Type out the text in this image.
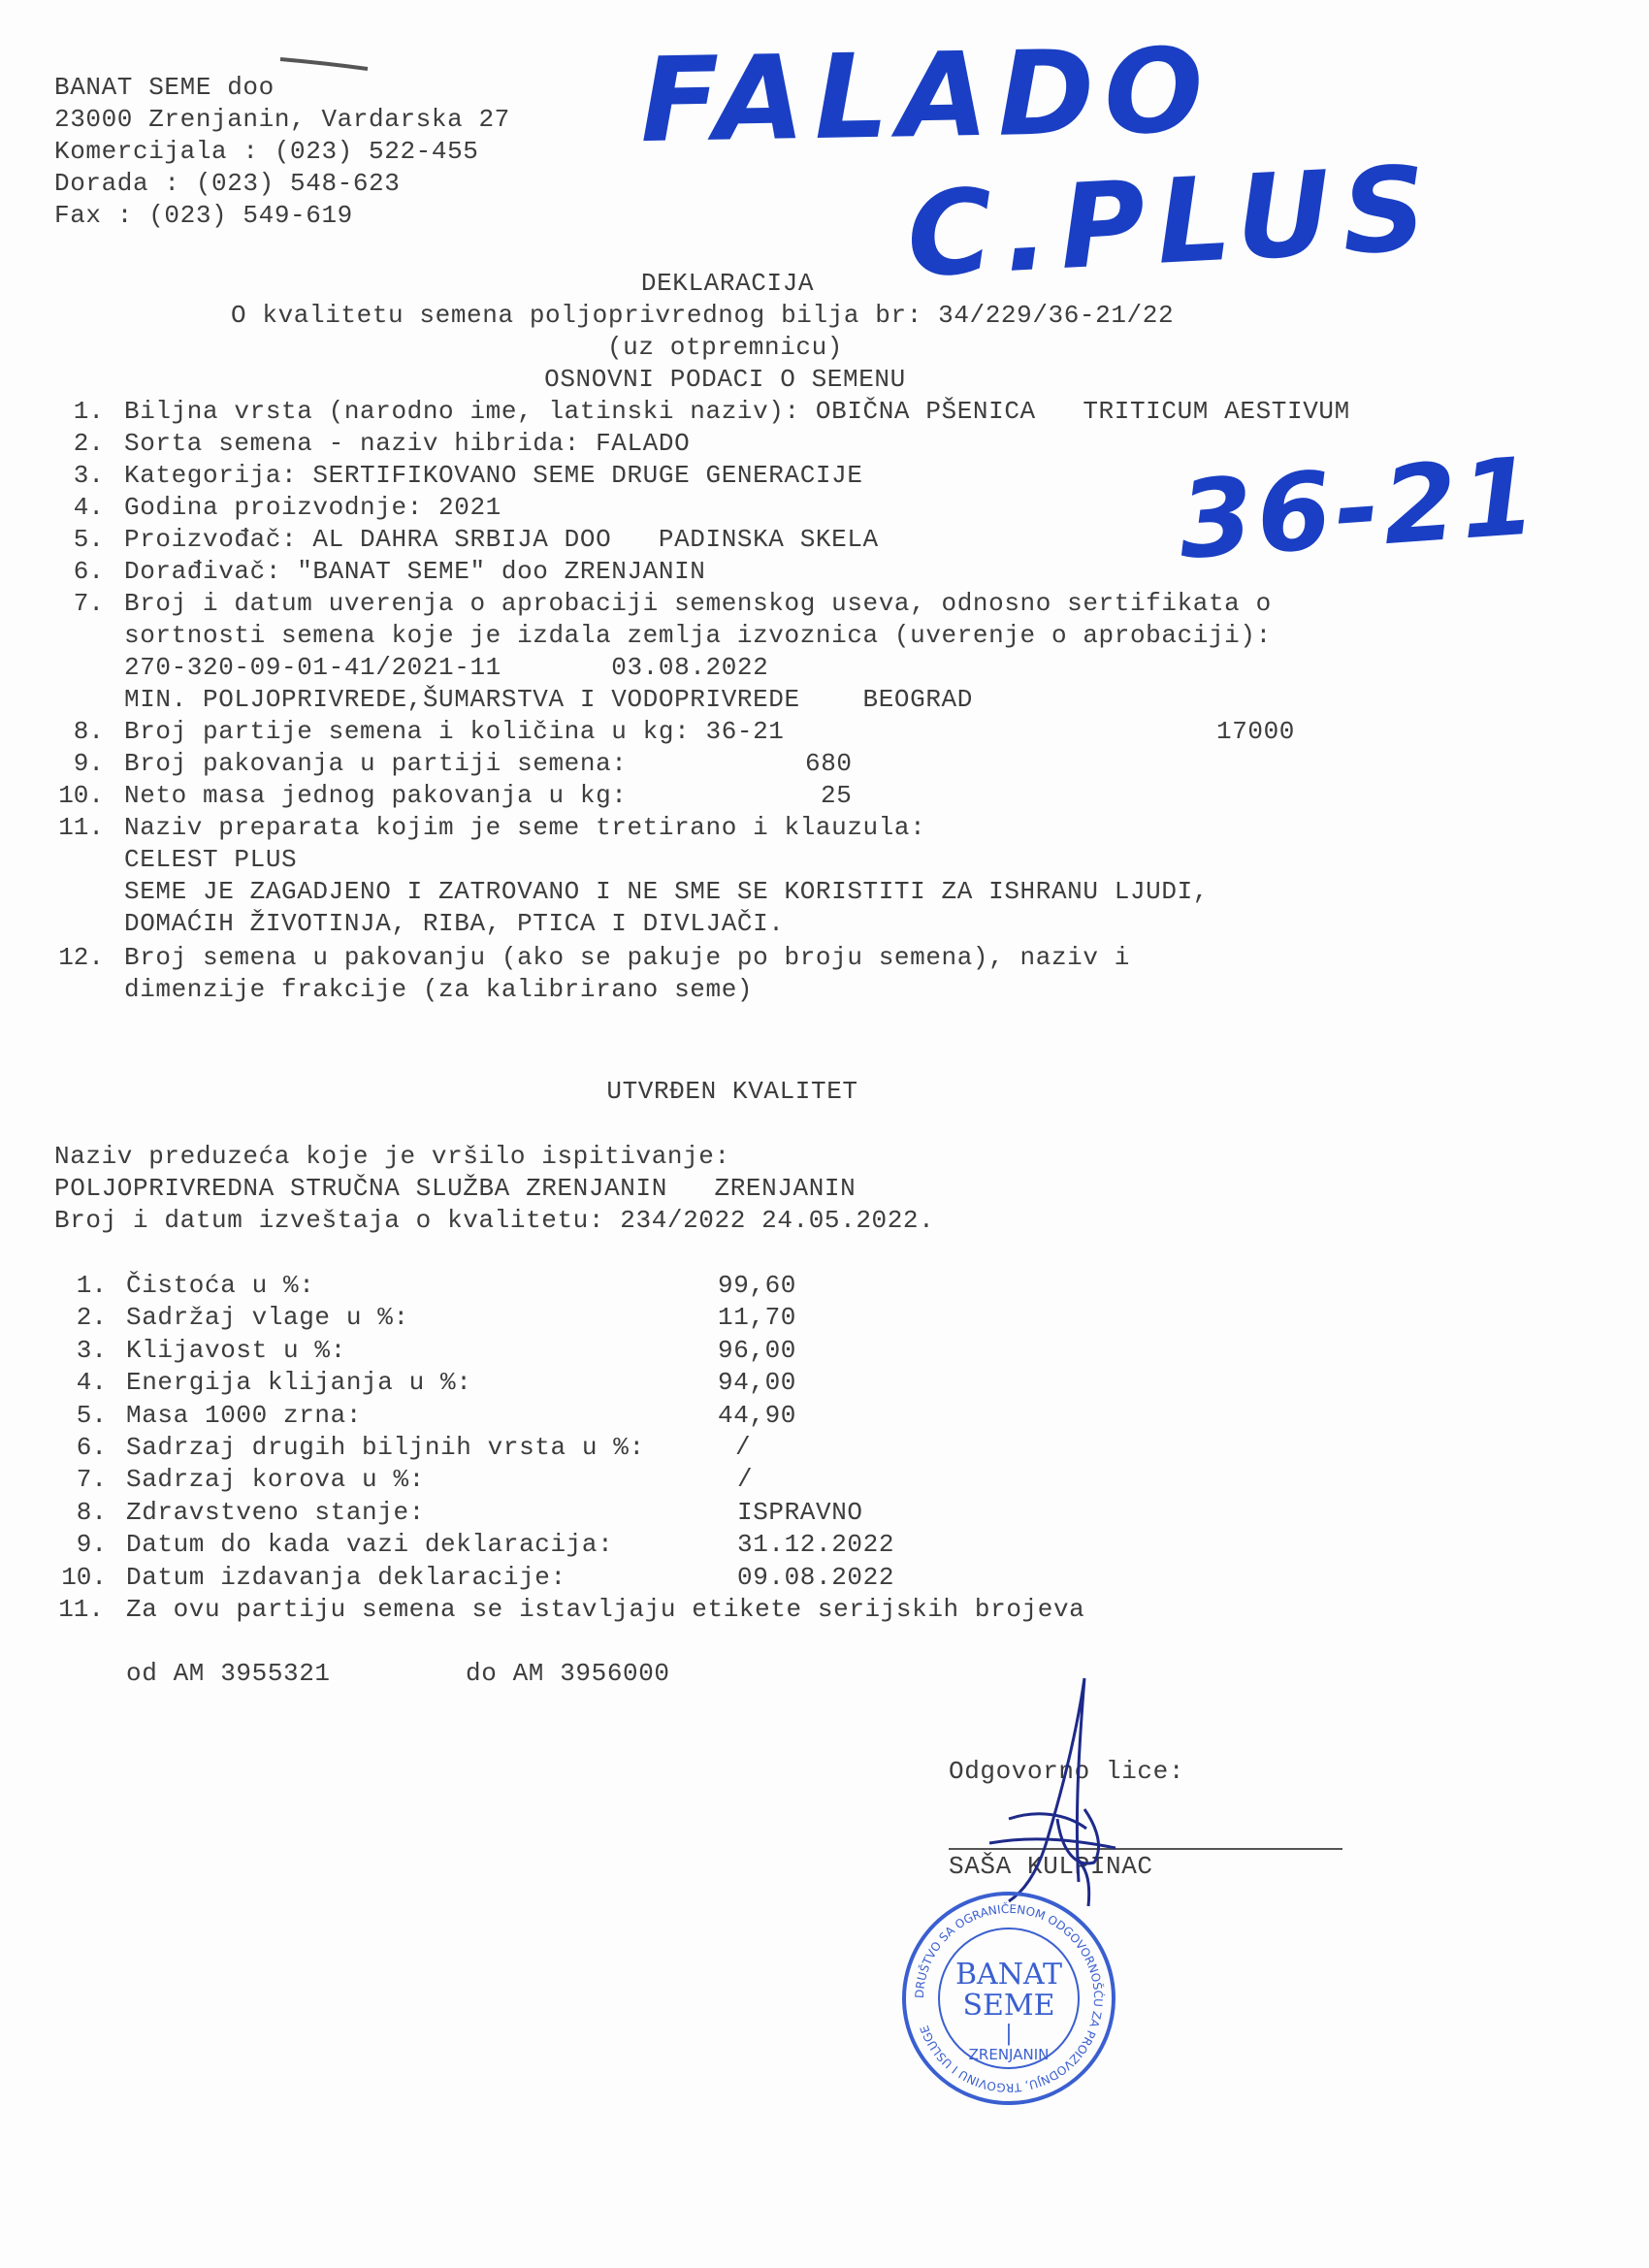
BANAT SEME doo
23000 Zrenjanin, Vardarska 27
Komercijala : (023) 522-455
Dorada : (023) 548-623
Fax : (023) 549-619
FALADO
C.PLUS
36-21
DEKLARACIJA
O kvalitetu semena poljoprivrednog bilja br: 34/229/36-21/22
(uz otpremnicu)
OSNOVNI PODACI O SEMENU
1. Biljna vrsta (narodno ime, latinski naziv): OBIČNA PŠENICA   TRITICUM AESTIVUM
2. Sorta semena - naziv hibrida: FALADO
3. Kategorija: SERTIFIKOVANO SEME DRUGE GENERACIJE
4. Godina proizvodnje: 2021
5. Proizvođač: AL DAHRA SRBIJA DOO   PADINSKA SKELA
6. Dorađivač: "BANAT SEME" doo ZRENJANIN
7. Broj i datum uverenja o aprobaciji semenskog useva, odnosno sertifikata o
sortnosti semena koje je izdala zemlja izvoznica (uverenje o aprobaciji):
270-320-09-01-41/2021-11       03.08.2022
MIN. POLJOPRIVREDE,ŠUMARSTVA I VODOPRIVREDE    BEOGRAD
8. Broj partije semena i količina u kg: 36-21	17000
9. Broj pakovanja u partiji semena:	680
10. Neto masa jednog pakovanja u kg:	25
11. Naziv preparata kojim je seme tretirano i klauzula:
CELEST PLUS
SEME JE ZAGADJENO I ZATROVANO I NE SME SE KORISTITI ZA ISHRANU LJUDI,
DOMAĆIH ŽIVOTINJA, RIBA, PTICA I DIVLJAČI.
12. Broj semena u pakovanju (ako se pakuje po broju semena), naziv i
dimenzije frakcije (za kalibrirano seme)
UTVRĐEN KVALITET
Naziv preduzeća koje je vršilo ispitivanje:
POLJOPRIVREDNA STRUČNA SLUŽBA ZRENJANIN   ZRENJANIN
Broj i datum izveštaja o kvalitetu: 234/2022 24.05.2022.
1. Čistoća u %:	99,60
2. Sadržaj vlage u %:	11,70
3. Klijavost u %:	96,00
4. Energija klijanja u %:	94,00
5. Masa 1000 zrna:	44,90
6. Sadrzaj drugih biljnih vrsta u %:	/
7. Sadrzaj korova u %:	/
8. Zdravstveno stanje:	ISPRAVNO
9. Datum do kada vazi deklaracija:	31.12.2022
10. Datum izdavanja deklaracije:	09.08.2022
11. Za ovu partiju semena se istavljaju etikete serijskih brojeva
od AM 3955321	do AM 3956000
Odgovorno lice:
SAŠA KULPINAC
DRUŠTVO SA OGRANIČENOM ODGOVORNOŠĆU ZA PROIZVODNJU, TRGOVINU I USLUGE
BANAT
SEME
|
ZRENJANIN
